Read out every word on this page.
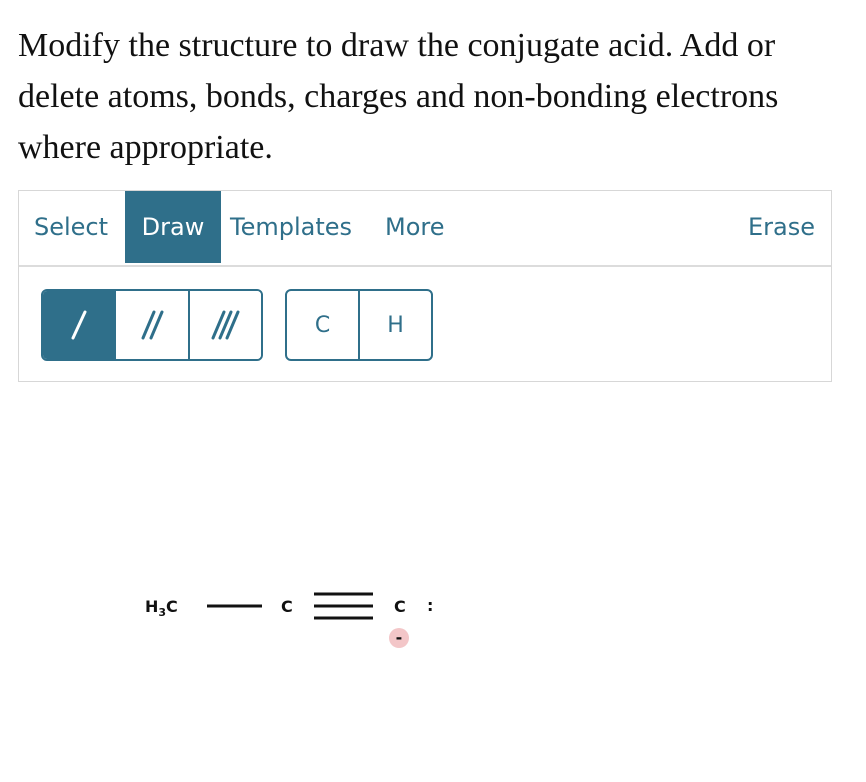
Modify the structure to draw the conjugate acid. Add or delete atoms, bonds, charges and non-bonding electrons where appropriate.
Select	Draw	Templates More	Erase
C	H
$H_3C$	C	C :
-
